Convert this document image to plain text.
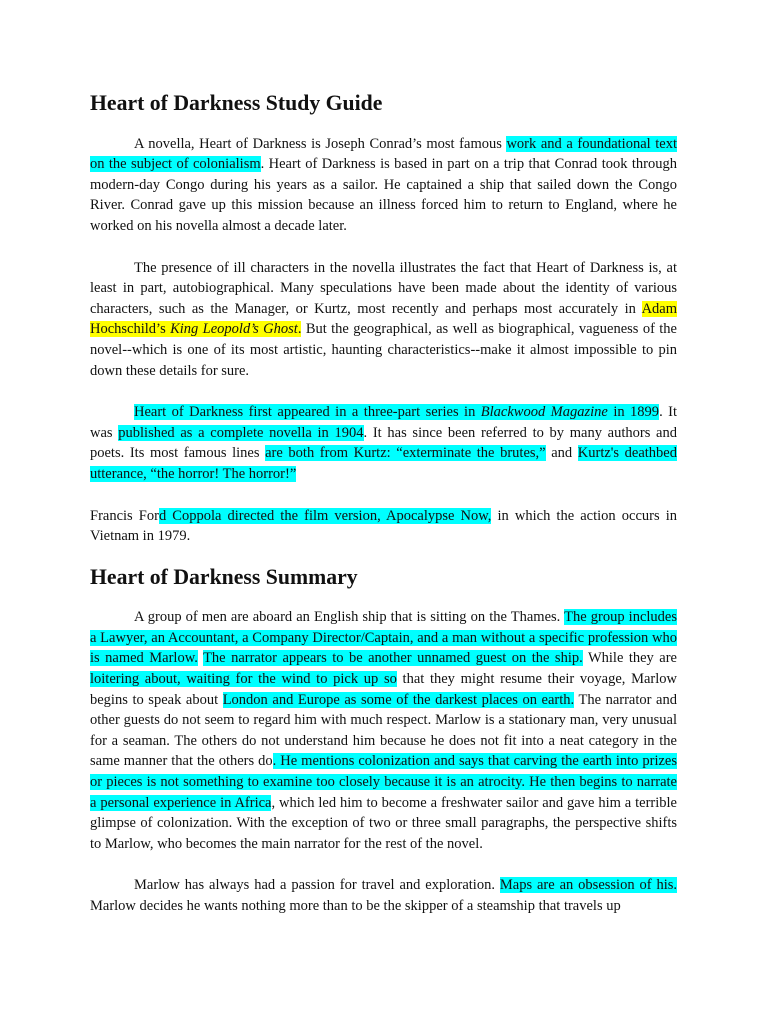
Heart of Darkness Study Guide

A novella, Heart of Darkness is Joseph Conrad’s most famous work and a foundational text on the subject of colonialism. Heart of Darkness is based in part on a trip that Conrad took through modern-day Congo during his years as a sailor. He captained a ship that sailed down the Congo River. Conrad gave up this mission because an illness forced him to return to England, where he worked on his novella almost a decade later.

The presence of ill characters in the novella illustrates the fact that Heart of Darkness is, at least in part, autobiographical. Many speculations have been made about the identity of various characters, such as the Manager, or Kurtz, most recently and perhaps most accurately in Adam Hochschild’s King Leopold’s Ghost. But the geographical, as well as biographical, vagueness of the novel--which is one of its most artistic, haunting characteristics--make it almost impossible to pin down these details for sure.

Heart of Darkness first appeared in a three-part series in Blackwood Magazine in 1899. It was published as a complete novella in 1904. It has since been referred to by many authors and poets. Its most famous lines are both from Kurtz: “exterminate the brutes,” and Kurtz's deathbed utterance, “the horror! The horror!”

Francis Ford Coppola directed the film version, Apocalypse Now, in which the action occurs in Vietnam in 1979.

Heart of Darkness Summary

A group of men are aboard an English ship that is sitting on the Thames. The group includes a Lawyer, an Accountant, a Company Director/Captain, and a man without a specific profession who is named Marlow. The narrator appears to be another unnamed guest on the ship. While they are loitering about, waiting for the wind to pick up so that they might resume their voyage, Marlow begins to speak about London and Europe as some of the darkest places on earth. The narrator and other guests do not seem to regard him with much respect. Marlow is a stationary man, very unusual for a seaman. The others do not understand him because he does not fit into a neat category in the same manner that the others do. He mentions colonization and says that carving the earth into prizes or pieces is not something to examine too closely because it is an atrocity. He then begins to narrate a personal experience in Africa, which led him to become a freshwater sailor and gave him a terrible glimpse of colonization. With the exception of two or three small paragraphs, the perspective shifts to Marlow, who becomes the main narrator for the rest of the novel.

Marlow has always had a passion for travel and exploration. Maps are an obsession of his. Marlow decides he wants nothing more than to be the skipper of a steamship that travels up
